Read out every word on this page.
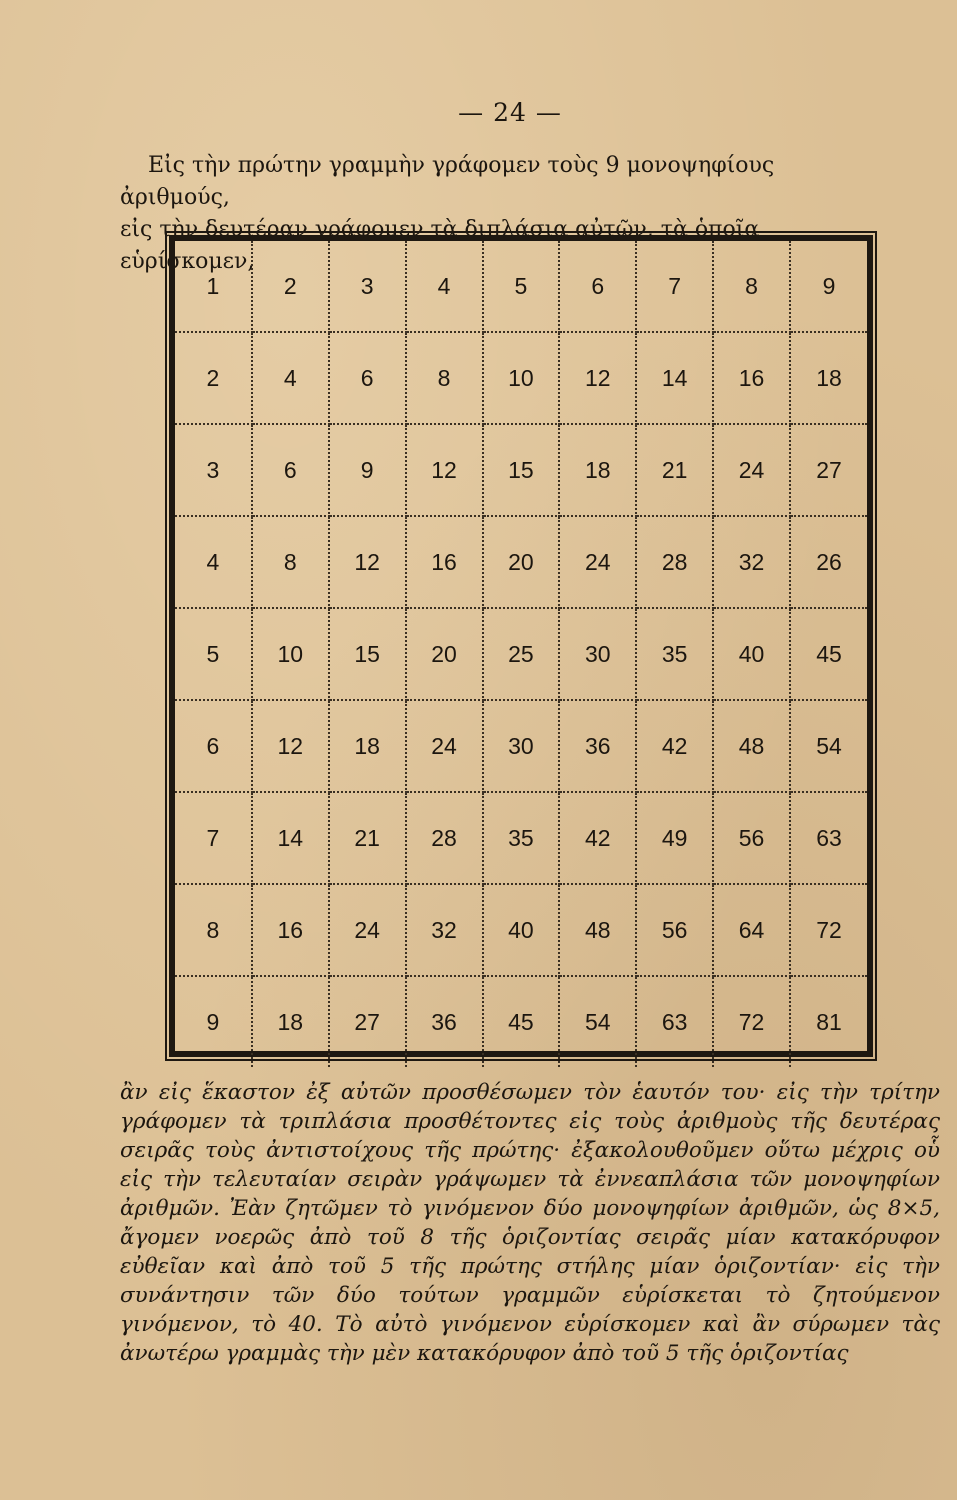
— 24 —

Εἰς τὴν πρώτην γραμμὴν γράφομεν τοὺς 9 μονοψηφίους ἀριθμούς,

εἰς τὴν δευτέραν γράφομεν τὰ διπλάσια αὐτῶν, τὰ ὁποῖα εὑρίσκομεν,

1	2	3	4	5	6	7	8	9
2	4	6	8	10	12	14	16	18
3	6	9	12	15	18	21	24	27
4	8	12	16	20	24	28	32	26
5	10	15	20	25	30	35	40	45
6	12	18	24	30	36	42	48	54
7	14	21	28	35	42	49	56	63
8	16	24	32	40	48	56	64	72
9	18	27	36	45	54	63	72	81

ἂν εἰς ἕκαστον ἐξ αὐτῶν προσθέσωμεν τὸν ἑαυτόν του· εἰς τὴν τρίτην γράφομεν τὰ τριπλάσια προσθέτοντες εἰς τοὺς ἀριθμοὺς τῆς δευτέρας σειρᾶς τοὺς ἀντιστοίχους τῆς πρώτης· ἐξακολουθοῦμεν οὕτω μέχρις οὗ εἰς τὴν τελευταίαν σειρὰν γράψωμεν τὰ ἐννεαπλάσια τῶν μονοψηφίων ἀριθμῶν. Ἐὰν ζητῶμεν τὸ γινόμενον δύο μονοψηφίων ἀριθμῶν, ὡς 8×5, ἄγομεν νοερῶς ἀπὸ τοῦ 8 τῆς ὁριζοντίας σειρᾶς μίαν κατακόρυφον εὐθεῖαν καὶ ἀπὸ τοῦ 5 τῆς πρώτης στήλης μίαν ὁριζοντίαν· εἰς τὴν συνάντησιν τῶν δύο τούτων γραμμῶν εὑρίσκεται τὸ ζητούμενον γινόμενον, τὸ 40. Τὸ αὐτὸ γινόμενον εὑρίσκομεν καὶ ἂν σύρωμεν τὰς ἀνωτέρω γραμμὰς τὴν μὲν κατακόρυφον ἀπὸ τοῦ 5 τῆς ὁριζοντίας
